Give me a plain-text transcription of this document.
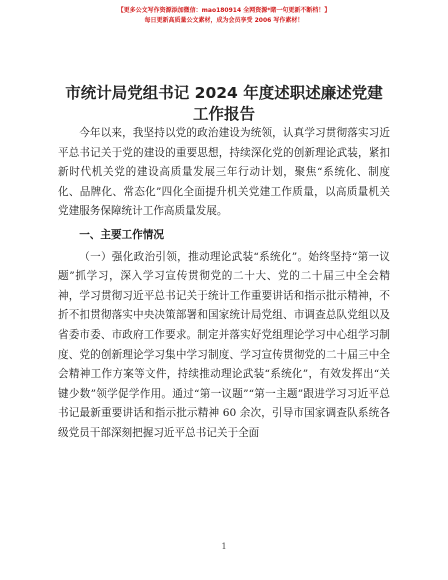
【更多公文写作资源添加微信：mao180914 全网资源*睹一句更新不断档！】
每日更新高质量公文素材，成为会员享受 2006 写作素材！
市统计局党组书记 2024 年度述职述廉述党建工作报告

今年以来，我坚持以党的政治建设为统领，认真学习贯彻落实习近平总书记关于党的建设的重要思想，持续深化党的创新理论武装，紧扣新时代机关党的建设高质量发展三年行动计划，聚焦“系统化、制度化、品牌化、常态化”四化全面提升机关党建工作质量，以高质量机关党建服务保障统计工作高质量发展。

一、主要工作情况

（一）强化政治引领，推动理论武装“系统化”。始终坚持“第一议题”抓学习，深入学习宣传贯彻党的二十大、党的二十届三中全会精神，学习贯彻习近平总书记关于统计工作重要讲话和指示批示精神，不折不扣贯彻落实中央决策部署和国家统计局党组、市调查总队党组以及省委市委、市政府工作要求。制定并落实好党组理论学习中心组学习制度、党的创新理论学习集中学习制度、学习宣传贯彻党的二十届三中全会精神工作方案等文件，持续推动理论武装“系统化”，有效发挥出“关键少数”领学促学作用。通过“第一议题”“第一主题”跟进学习习近平总书记最新重要讲话和指示批示精神 60 余次，引导市国家调查队系统各级党员干部深刻把握习近平总书记关于全面

1
